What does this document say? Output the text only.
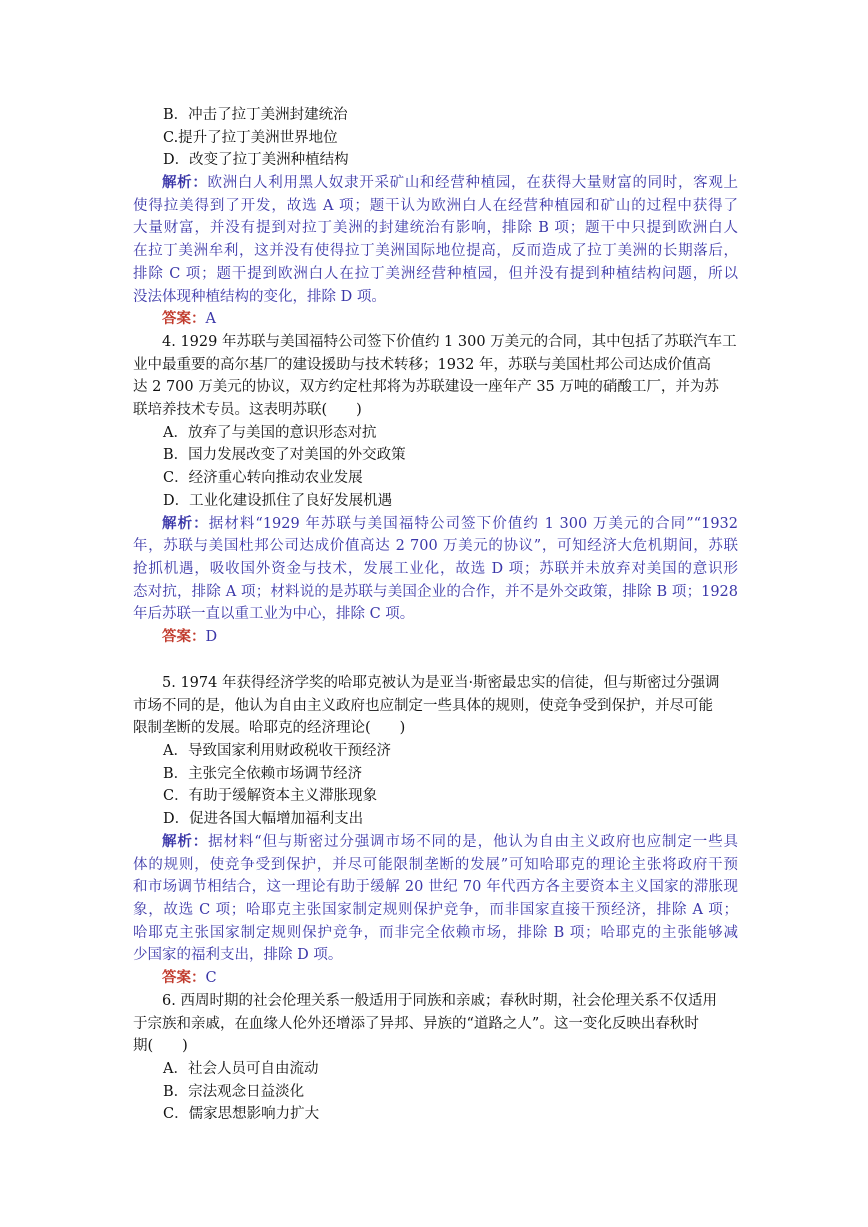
B．冲击了拉丁美洲封建统治
C.提升了拉丁美洲世界地位
D．改变了拉丁美洲种植结构
解析：欧洲白人利用黑人奴隶开采矿山和经营种植园，在获得大量财富的同时，客观上
使得拉美得到了开发，故选 A 项；题干认为欧洲白人在经营种植园和矿山的过程中获得了
大量财富，并没有提到对拉丁美洲的封建统治有影响，排除 B 项；题干中只提到欧洲白人
在拉丁美洲牟利，这并没有使得拉丁美洲国际地位提高，反而造成了拉丁美洲的长期落后，
排除 C 项；题干提到欧洲白人在拉丁美洲经营种植园，但并没有提到种植结构问题，所以
没法体现种植结构的变化，排除 D 项。
答案：A
4. 1929 年苏联与美国福特公司签下价值约 1 300 万美元的合同，其中包括了苏联汽车工
业中最重要的高尔基厂的建设援助与技术转移；1932 年，苏联与美国杜邦公司达成价值高
达 2 700 万美元的协议，双方约定杜邦将为苏联建设一座年产 35 万吨的硝酸工厂，并为苏
联培养技术专员。这表明苏联(　　)
A．放弃了与美国的意识形态对抗
B．国力发展改变了对美国的外交政策
C．经济重心转向推动农业发展
D．工业化建设抓住了良好发展机遇
解析：据材料“1929 年苏联与美国福特公司签下价值约 1 300 万美元的合同”“1932
年，苏联与美国杜邦公司达成价值高达 2 700 万美元的协议”，可知经济大危机期间，苏联
抢抓机遇，吸收国外资金与技术，发展工业化，故选 D 项；苏联并未放弃对美国的意识形
态对抗，排除 A 项；材料说的是苏联与美国企业的合作，并不是外交政策，排除 B 项；1928
年后苏联一直以重工业为中心，排除 C 项。
答案：D
5. 1974 年获得经济学奖的哈耶克被认为是亚当·斯密最忠实的信徒，但与斯密过分强调
市场不同的是，他认为自由主义政府也应制定一些具体的规则，使竞争受到保护，并尽可能
限制垄断的发展。哈耶克的经济理论(　　)
A．导致国家利用财政税收干预经济
B．主张完全依赖市场调节经济
C．有助于缓解资本主义滞胀现象
D．促进各国大幅增加福利支出
解析：据材料“但与斯密过分强调市场不同的是，他认为自由主义政府也应制定一些具
体的规则，使竞争受到保护，并尽可能限制垄断的发展”可知哈耶克的理论主张将政府干预
和市场调节相结合，这一理论有助于缓解 20 世纪 70 年代西方各主要资本主义国家的滞胀现
象，故选 C 项；哈耶克主张国家制定规则保护竞争，而非国家直接干预经济，排除 A 项；
哈耶克主张国家制定规则保护竞争，而非完全依赖市场，排除 B 项；哈耶克的主张能够减
少国家的福利支出，排除 D 项。
答案：C
6. 西周时期的社会伦理关系一般适用于同族和亲戚；春秋时期，社会伦理关系不仅适用
于宗族和亲戚，在血缘人伦外还增添了异邦、异族的“道路之人”。这一变化反映出春秋时
期(　　)
A．社会人员可自由流动
B．宗法观念日益淡化
C．儒家思想影响力扩大
